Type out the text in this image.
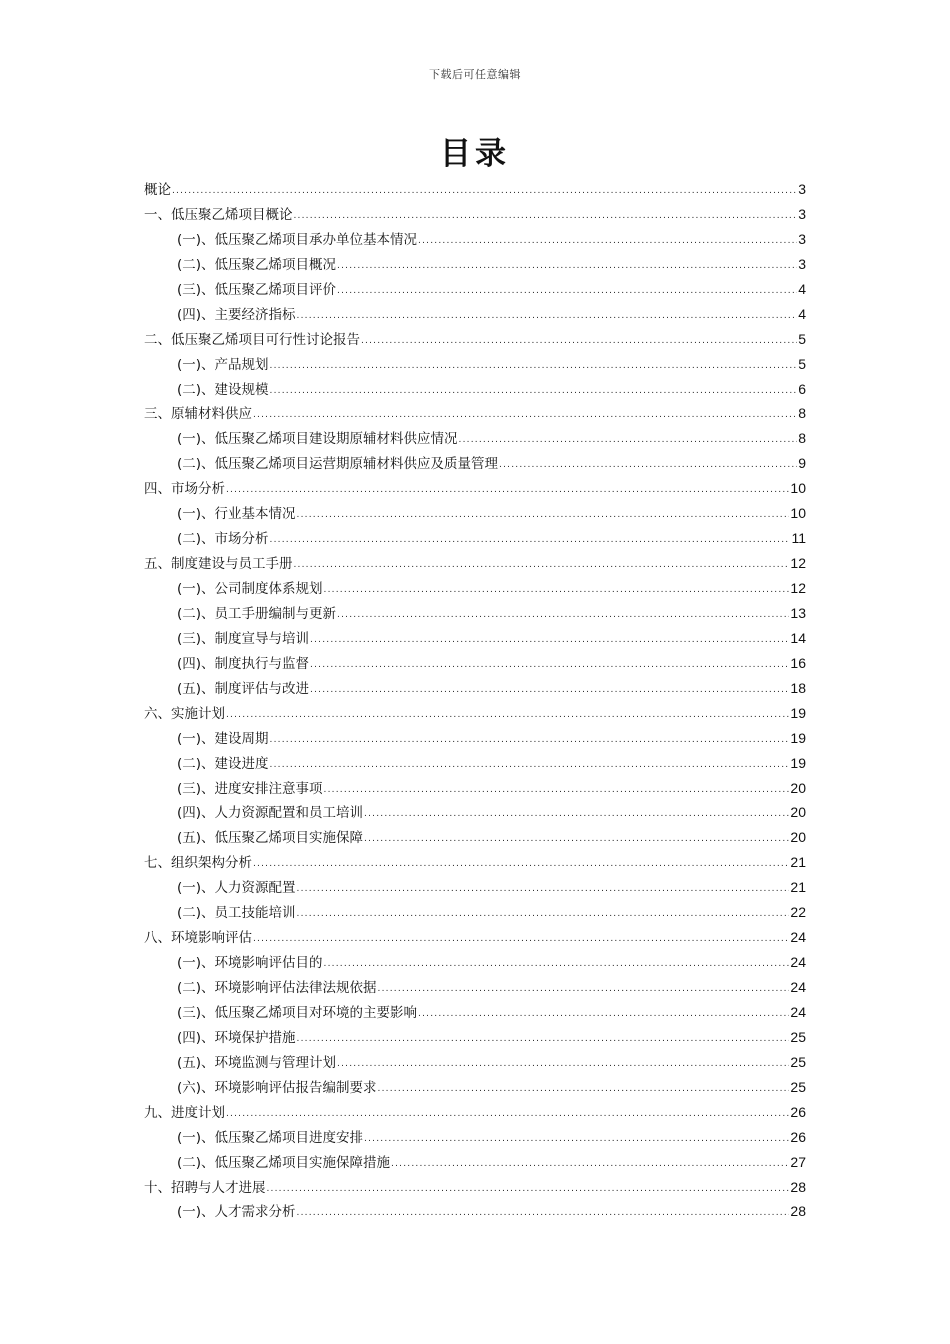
下载后可任意编辑
目录
概论 .....	3
一、低压聚乙烯项目概论 .....	3
(一)、低压聚乙烯项目承办单位基本情况 .....	3
(二)、低压聚乙烯项目概况 .....	3
(三)、低压聚乙烯项目评价 .....	4
(四)、主要经济指标 .....	4
二、低压聚乙烯项目可行性讨论报告 .....	5
(一)、产品规划 .....	5
(二)、建设规模 .....	6
三、原辅材料供应 .....	8
(一)、低压聚乙烯项目建设期原辅材料供应情况 .....	8
(二)、低压聚乙烯项目运营期原辅材料供应及质量管理 .....	9
四、市场分析 .....	10
(一)、行业基本情况 .....	10
(二)、市场分析 .....	11
五、制度建设与员工手册 .....	12
(一)、公司制度体系规划 .....	12
(二)、员工手册编制与更新 .....	13
(三)、制度宣导与培训 .....	14
(四)、制度执行与监督 .....	16
(五)、制度评估与改进 .....	18
六、实施计划 .....	19
(一)、建设周期 .....	19
(二)、建设进度 .....	19
(三)、进度安排注意事项 .....	20
(四)、人力资源配置和员工培训 .....	20
(五)、低压聚乙烯项目实施保障 .....	20
七、组织架构分析 .....	21
(一)、人力资源配置 .....	21
(二)、员工技能培训 .....	22
八、环境影响评估 .....	24
(一)、环境影响评估目的 .....	24
(二)、环境影响评估法律法规依据 .....	24
(三)、低压聚乙烯项目对环境的主要影响 .....	24
(四)、环境保护措施 .....	25
(五)、环境监测与管理计划 .....	25
(六)、环境影响评估报告编制要求 .....	25
九、进度计划 .....	26
(一)、低压聚乙烯项目进度安排 .....	26
(二)、低压聚乙烯项目实施保障措施 .....	27
十、招聘与人才进展 .....	28
(一)、人才需求分析 .....	28
